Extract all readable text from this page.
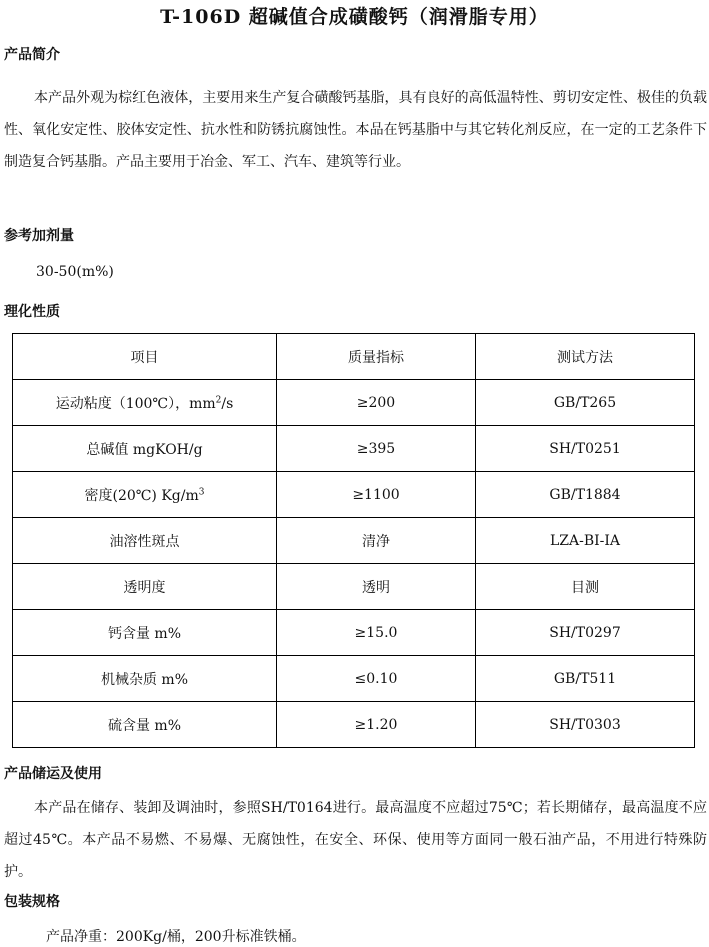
T-106D 超碱值合成磺酸钙（润滑脂专用）
产品简介

本产品外观为棕红色液体，主要用来生产复合磺酸钙基脂，具有良好的高低温特性、剪切安定性、极佳的负载性、氧化安定性、胶体安定性、抗水性和防锈抗腐蚀性。本品在钙基脂中与其它转化剂反应，在一定的工艺条件下制造复合钙基脂。产品主要用于冶金、军工、汽车、建筑等行业。

参考加剂量
30-50(m%)
理化性质
项目	质量指标	测试方法
运动粘度（100℃），$mm^2/s$	≥200	GB/T265
总碱值 mgKOH/g	≥395	SH/T0251
密度(20℃) $Kg/m^3$	≥1100	GB/T1884
油溶性斑点	清净	LZA-BI-IA
透明度	透明	目测
钙含量 m%	≥15.0	SH/T0297
机械杂质 m%	≤0.10	GB/T511
硫含量 m%	≥1.20	SH/T0303
产品储运及使用

本产品在储存、装卸及调油时，参照SH/T0164进行。最高温度不应超过75℃；若长期储存，最高温度不应超过45℃。本产品不易燃、不易爆、无腐蚀性，在安全、环保、使用等方面同一般石油产品，不用进行特殊防护。

包装规格
产品净重：200Kg/桶，200升标准铁桶。
